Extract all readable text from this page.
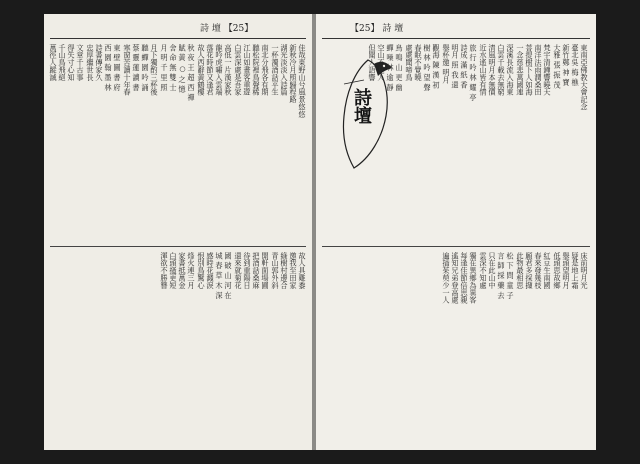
詩 壇 【25】
佳哉東野山兮風景悠悠
新秋冷月照歸程路
湖光淡淡入詩篇
一杯濁酒話平生
南北分飛各有期
聽松院裡鳥聲稀
江山如畫客重遊
白雲深處是吾家
高低一片漢家秋
龍吟虎嘯入雲端
落花時節又逢君
故人西辭黃鶴樓
秋 夜 王 超 西 禪
賦 黃 ○ 之 憶
舍 命 無 雙 士
月 明 千 里 照
月下獨酌三杯後
聽 蟬 園 吟 誦
蔡 靈 蓮 讀 書
寒窗苦讀十年春
東 壁 圖 書 府
西 園 翰 墨 林
詩書傳家久
忠厚繼世長
文章千古事
得失寸心知
千山鳥飛絕
萬徑人蹤滅
故人具雞黍
邀我至田家
綠樹村邊合
青山郭外斜
開軒面場圃
把酒話桑麻
待到重陽日
還來就菊花
國 破 山 河 在
城 春 草 木 深
感時花濺淚
恨別鳥驚心
烽火連三月
家書抵萬金
白頭搔更短
渾欲不勝簪
【25】 詩 壇
詩壇	東南亞佛教大會記念
臺北吳 梅 樵
新竹鄭 神 寶
大雅 張 振 茂
梵宇清鐘響曉天
南洋法雨潤桑田
菩提樹下人如海
一念慈悲萬國連
深溪長流入海東
白雲千載去無窮
清風明月本無價
近水遙山皆有情
旅 行 吟 林 耀 亭
詩成 滿 紙 香
明月 照 我 還
舉杯邀 明月
觀海 陳 漢 初
樹 林 吟 望 聲
春眠不覺曉
處處聞啼鳥
鳥 鳴 山 更 幽
蟬 噪 林 逾 靜
空山不見人
但聞人語響
床前明月光
疑是地上霜
舉頭望明月
低頭思故鄉
紅豆生南國
春來發幾枝
願君多採擷
此物最相思
松 下 問 童 子
言 師 採 藥 去
只在此山中
雲深不知處
獨在異鄉為異客
每逢佳節倍思親
遙知兄弟登高處
遍插茱萸少一人
